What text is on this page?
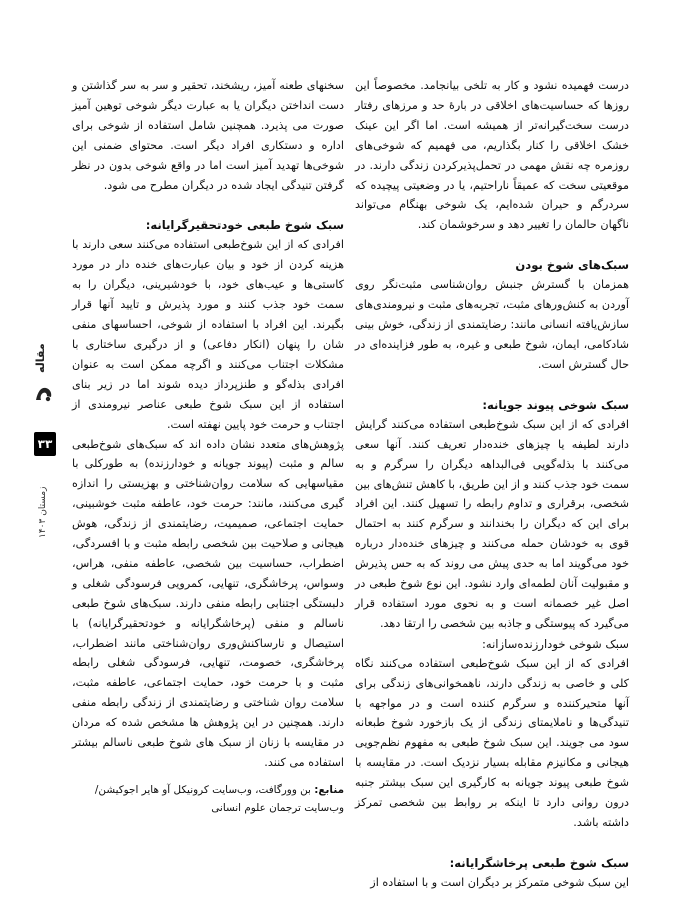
درست فهمیده نشود و کار به تلخی بیانجامد. مخصوصاً این روزها که حساسیت‌های اخلاقی در بارهٔ حد و مرزهای رفتار درست سخت‌گیرانه‌تر از همیشه است. اما اگر این عینک خشک اخلاقی را کنار بگذاریم، می فهمیم که شوخی‌های روزمره چه نقش مهمی در تحمل‌پذیرکردن زندگی دارند. در موقعیتی سخت که عمیقاً ناراحتیم، یا در وضعیتی پیچیده که سردرگم و حیران شده‌ایم، یک شوخی بهنگام می‌تواند ناگهان حالمان را تغییر دهد و سرخوشمان کند.

سبک‌های شوخ بودن

همزمان با گسترش جنبش روان‌شناسی مثبت‌نگر روی آوردن به کنش‌ورهای مثبت، تجربه‌های مثبت و نیرومندی‌های سازش‌یافته انسانی مانند: رضایتمندی از زندگی، خوش بینی شادکامی، ایمان، شوخ طبعی و غیره، به طور فزاینده‌ای در حال گسترش است.

سبک شوخی پیوند جویانه:

افرادی که از این سبک شوخ‌طبعی استفاده می‌کنند گرایش دارند لطیفه یا چیزهای خنده‌دار تعریف کنند. آنها سعی می‌کنند با بذله‌گویی فی‌البداهه دیگران را سرگرم و به سمت خود جذب کنند و از این طریق، با کاهش تنش‌های بین شخصی، برقراری و تداوم رابطه را تسهیل کنند. این افراد برای این که دیگران را بخندانند و سرگرم کنند به احتمال قوی به خودشان حمله می‌کنند و چیزهای خنده‌دار درباره خود می‌گویند اما به حدی پیش می روند که به حس پذیرش و مقبولیت آنان لطمه‌ای وارد نشود. این نوع شوخ طبعی در اصل غیر خصمانه است و به نحوی مورد استفاده قرار می‌گیرد که پیوستگی و جاذبه بین شخصی را ارتقا دهد.

سبک شوخی خودارزنده‌سازانه:

افرادی که از این سبک شوخ‌طبعی استفاده می‌کنند نگاه کلی و خاصی به زندگی دارند، ناهمخوانی‌های زندگی برای آنها متحیرکننده و سرگرم کننده است و در مواجهه با تنیدگی‌ها و ناملایمتای زندگی از یک بازخورد شوخ طبعانه سود می جویند. این سبک شوخ طبعی به مفهوم نظم‌جویی هیجانی و مکانیزم مقابله بسیار نزدیک است. در مقایسه با شوخ طبعی پیوند جویانه به کارگیری این سبک بیشتر جنبه درون روانی دارد تا اینکه بر روابط بین شخصی تمرکز داشته باشد.

سبک شوخ طبعی پرخاشگرایانه:

این سبک شوخی متمرکز بر دیگران است و با استفاده از

سخنهای طعنه آمیز، ریشخند، تحقیر و سر به سر گذاشتن و دست انداختن دیگران یا به عبارت دیگر شوخی توهین آمیز صورت می پذیرد. همچنین شامل استفاده از شوخی برای اداره و دستکاری افراد دیگر است. محتوای ضمنی این شوخی‌ها تهدید آمیز است اما در واقع شوخی بدون در نظر گرفتن تنیدگی ایجاد شده در دیگران مطرح می شود.

سبک شوخ طبعی خودتحقیرگرایانه:

افرادی که از این شوخ‌طبعی استفاده می‌کنند سعی دارند با هزینه کردن از خود و بیان عبارت‌های خنده دار در مورد کاستی‌ها و عیب‌های خود، با خودشیرینی، دیگران را به سمت خود جذب کنند و مورد پذیرش و تایید آنها قرار بگیرند. این افراد با استفاده از شوخی، احساسهای منفی شان را پنهان (انکار دفاعی) و از درگیری ساختاری با مشکلات اجتناب می‌کنند و اگرچه ممکن است به عنوان افرادی بذله‌گو و طنزپرداز دیده شوند اما در زیر بنای استفاده از این سبک شوخ طبعی عناصر نیرومندی از اجتناب و حرمت خود پایین نهفته است.

پژوهش‌های متعدد نشان داده اند که سبک‌های شوخ‌طبعی سالم و مثبت (پیوند جویانه و خودارزنده) به طورکلی با مقیاسهایی که سلامت روان‌شناختی و بهزیستی را اندازه گیری می‌کنند، مانند: حرمت خود، عاطفه مثبت خوشبینی، حمایت اجتماعی، صمیمیت، رضایتمندی از زندگی، هوش هیجانی و صلاحیت بین شخصی رابطه مثبت و با افسردگی، اضطراب، حساسیت بین شخصی، عاطفه منفی، هراس، وسواس، پرخاشگری، تنهایی، کمرویی فرسودگی شغلی و دلبستگی اجتنابی رابطه منفی دارند. سبک‌های شوخ طبعی ناسالم و منفی (پرخاشگرایانه و خودتحقیرگرایانه) با استیصال و نارساکنش‌وری روان‌شناختی مانند اضطراب، پرخاشگری، خصومت، تنهایی، فرسودگی شغلی رابطه مثبت و با حرمت خود، حمایت اجتماعی، عاطفه مثبت، سلامت روان شناختی و رضایتمندی از زندگی رابطه منفی دارند. همچنین در این پژوهش ها مشخص شده که مردان در مقایسه با زنان از سبک های شوخ طبعی ناسالم بیشتر استفاده می کنند.

منابع: بن وورگافت، وب‌سایت کرونیکل آو هایر اجوکیشن/ وب‌سایت ترجمان علوم انسانی

مقاله
۳۳
زمستان ۱۴۰۳
